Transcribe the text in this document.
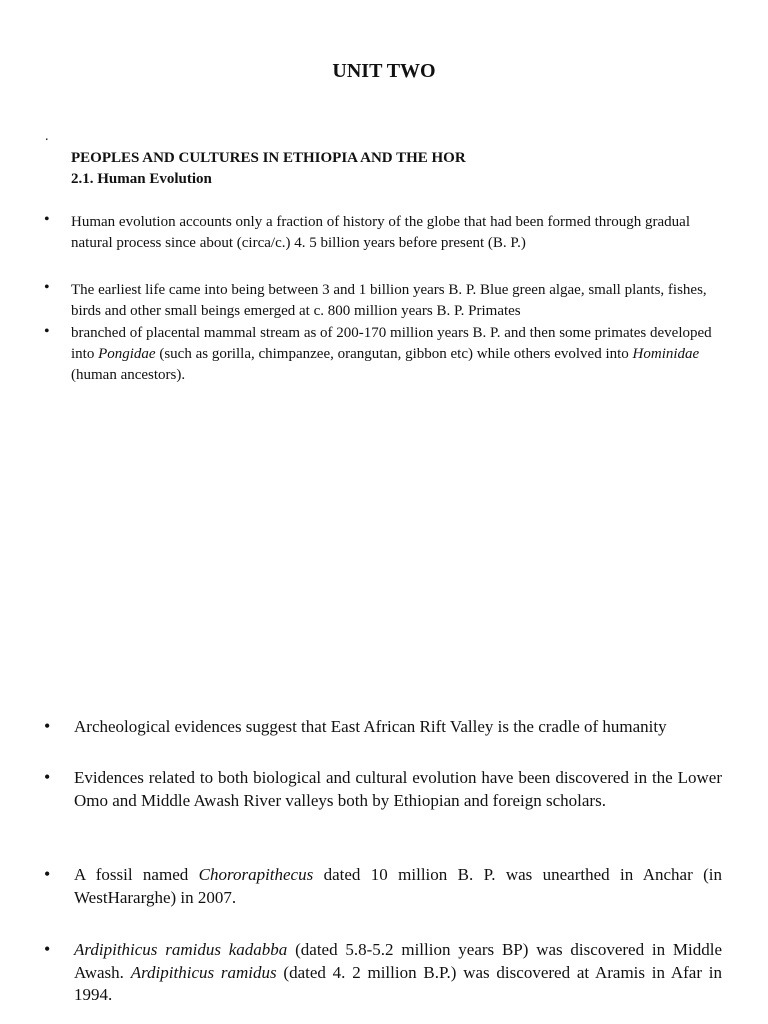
UNIT TWO
.
PEOPLES AND CULTURES IN ETHIOPIA AND THE HOR
2.1. Human Evolution
• Human evolution accounts only a fraction of history of the globe that had been formed through gradual natural process since about (circa/c.) 4. 5 billion years before present (B. P.)
• The earliest life came into being between 3 and 1 billion years B. P. Blue green algae, small plants, fishes, birds and other small beings emerged at c. 800 million years B. P. Primates
• branched of placental mammal stream as of 200-170 million years B. P. and then some primates developed into Pongidae (such as gorilla, chimpanzee, orangutan, gibbon etc) while others evolved into Hominidae (human ancestors).
• Archeological evidences suggest that East African Rift Valley is the cradle of humanity
• Evidences related to both biological and cultural evolution have been discovered in the Lower Omo and Middle Awash River valleys both by Ethiopian and foreign scholars.
• A fossil named Chororapithecus dated 10 million B. P. was unearthed in Anchar (in WestHararghe) in 2007.
• Ardipithicus ramidus kadabba (dated 5.8-5.2 million years BP) was discovered in Middle Awash. Ardipithicus ramidus (dated 4. 2 million B.P.) was discovered at Aramis in Afar in 1994.
